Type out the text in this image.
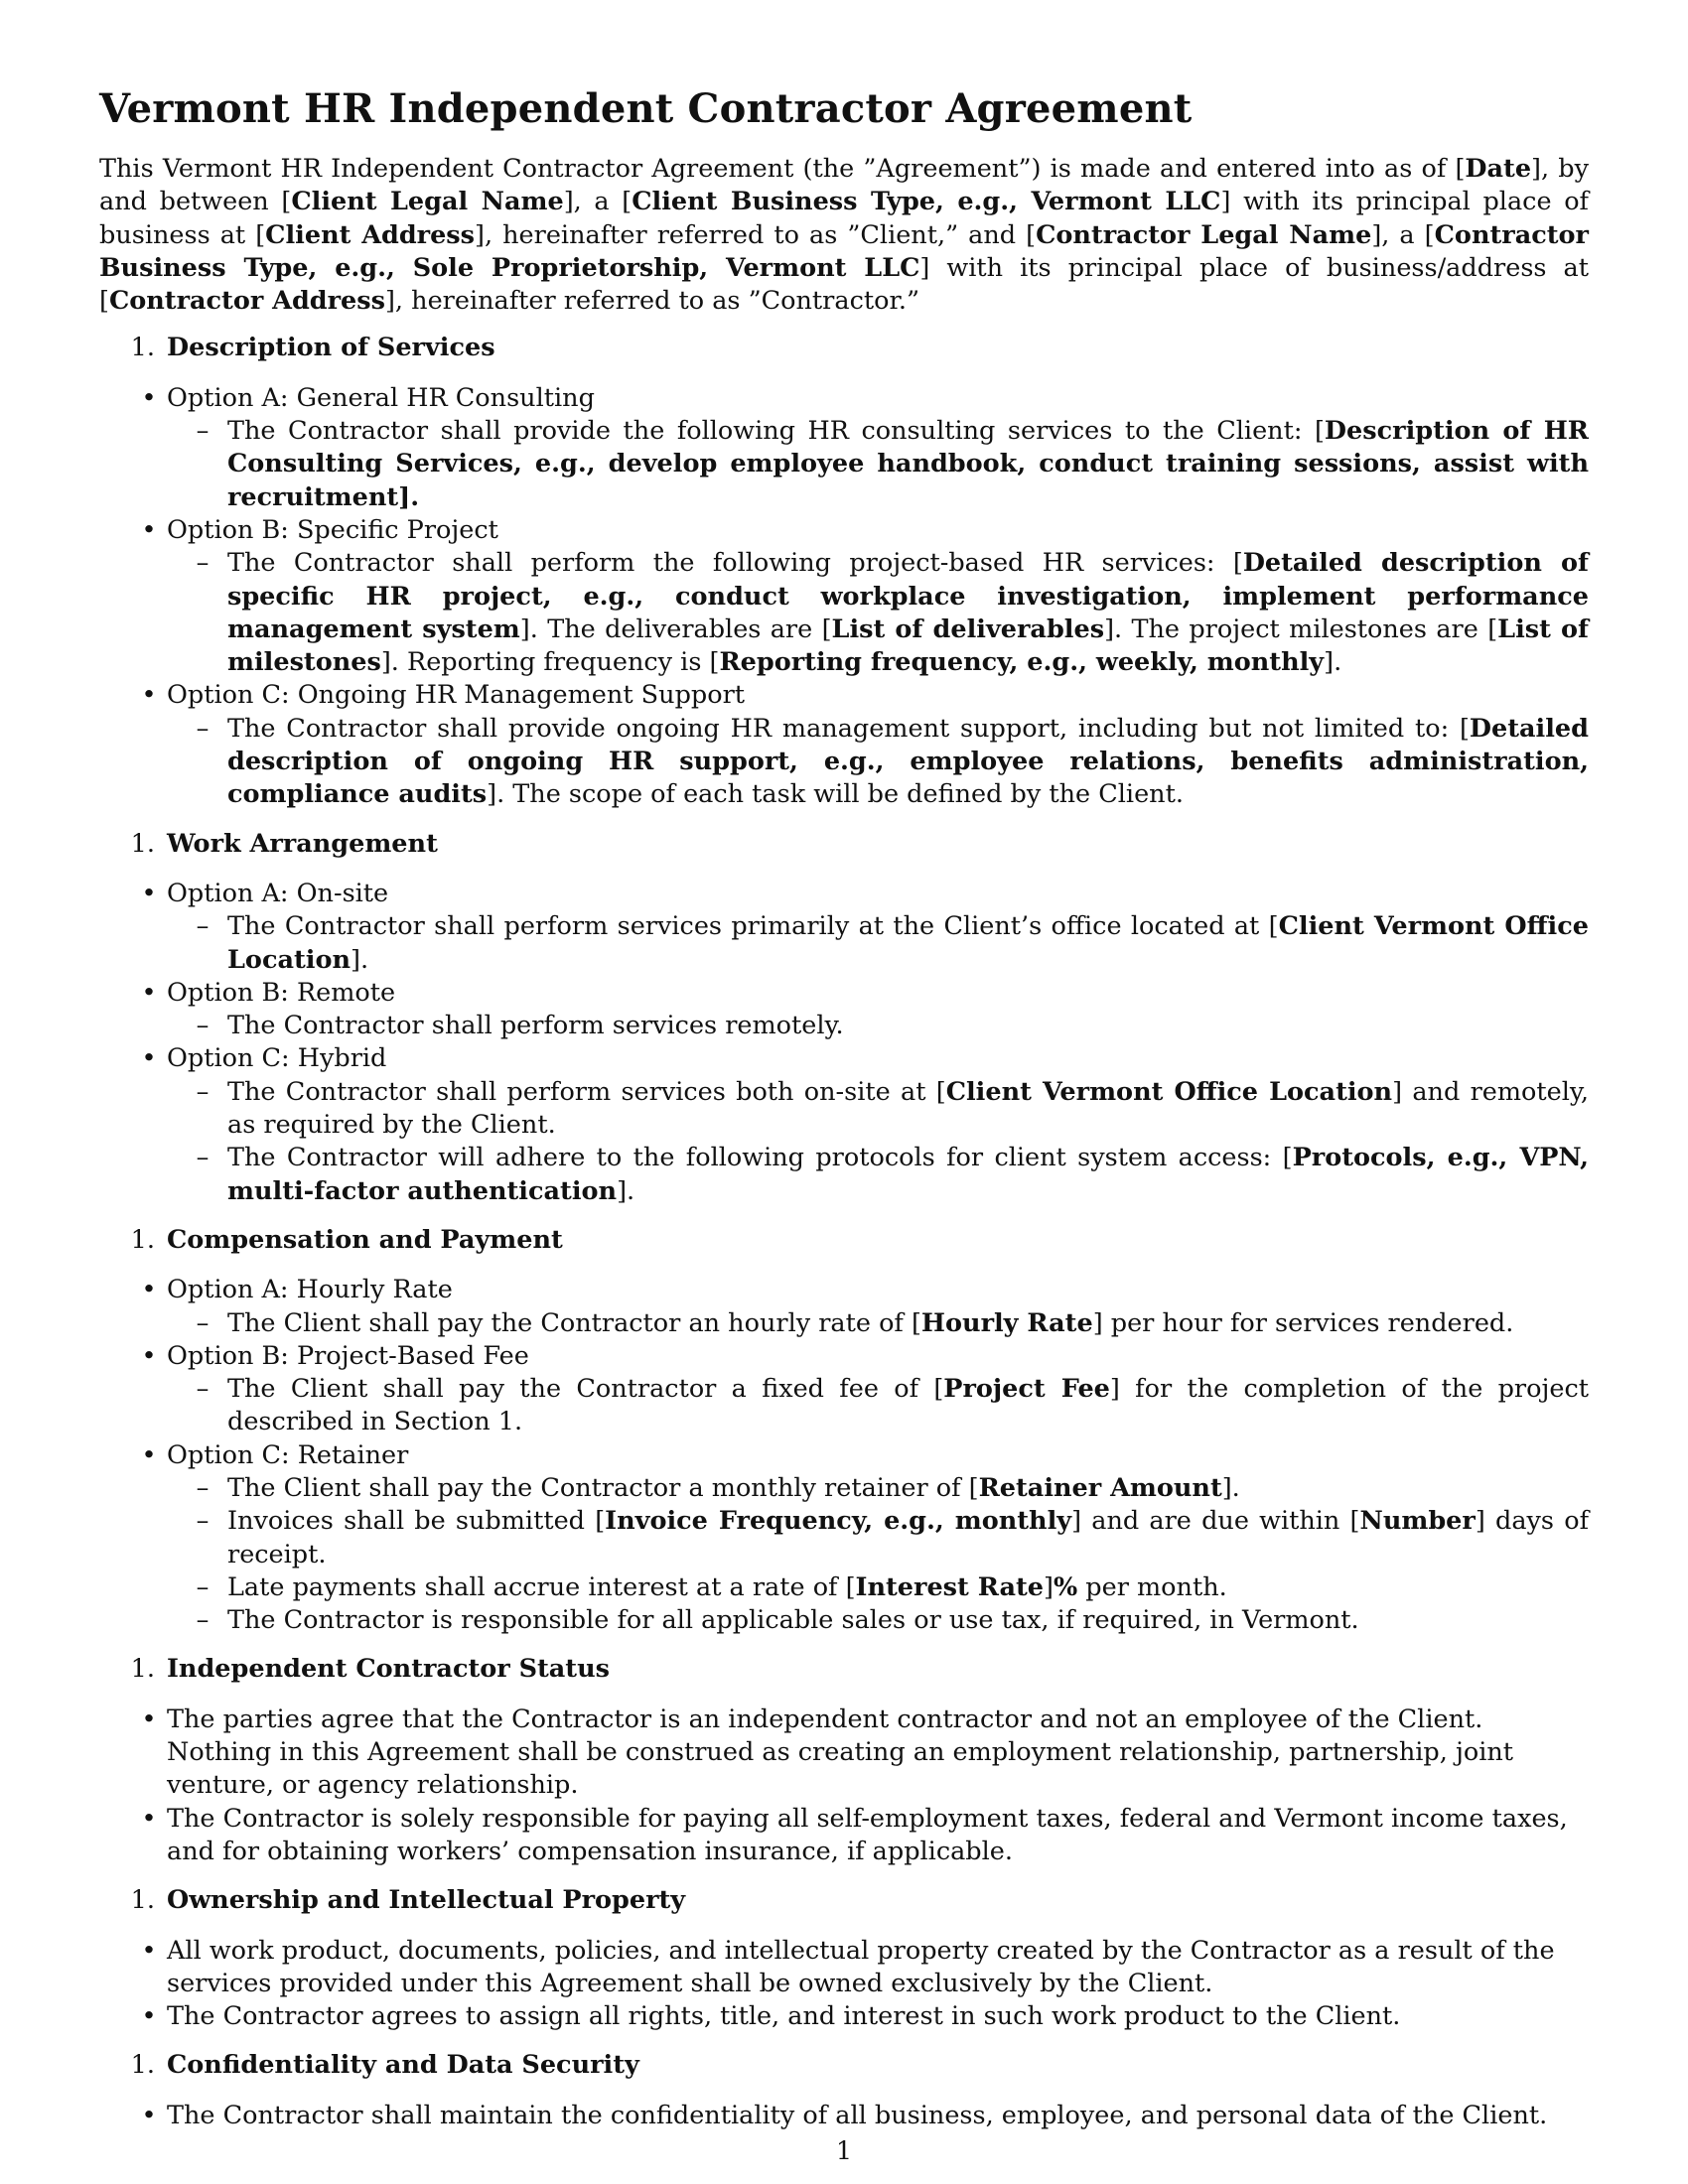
Vermont HR Independent Contractor Agreement

This Vermont HR Independent Contractor Agreement (the ”Agreement”) is made and entered into as of [Date], by and between [Client Legal Name], a [Client Business Type, e.g., Vermont LLC] with its principal place of business at [Client Address], hereinafter referred to as ”Client,” and [Contractor Legal Name], a [Contractor Business Type, e.g., Sole Proprietorship, Vermont LLC] with its principal place of business/address at [Contractor Address], hereinafter referred to as ”Contractor.”

1. Description of Services
• Option A: General HR Consulting
– The Contractor shall provide the following HR consulting services to the Client: [Description of HR Consulting Services, e.g., develop employee handbook, conduct training sessions, assist with recruitment].
• Option B: Specific Project
– The Contractor shall perform the following project-based HR services: [Detailed description of specific HR project, e.g., conduct workplace investigation, implement performance management system]. The deliverables are [List of deliverables]. The project milestones are [List of milestones]. Reporting frequency is [Reporting frequency, e.g., weekly, monthly].
• Option C: Ongoing HR Management Support
– The Contractor shall provide ongoing HR management support, including but not limited to: [Detailed description of ongoing HR support, e.g., employee relations, benefits administration, compliance audits]. The scope of each task will be defined by the Client.
1. Work Arrangement
• Option A: On-site
– The Contractor shall perform services primarily at the Client’s office located at [Client Vermont Office Location].
• Option B: Remote
– The Contractor shall perform services remotely.
• Option C: Hybrid
– The Contractor shall perform services both on-site at [Client Vermont Office Location] and remotely, as required by the Client.
– The Contractor will adhere to the following protocols for client system access: [Protocols, e.g., VPN, multi-factor authentication].
1. Compensation and Payment
• Option A: Hourly Rate
– The Client shall pay the Contractor an hourly rate of [Hourly Rate] per hour for services rendered.
• Option B: Project-Based Fee
– The Client shall pay the Contractor a fixed fee of [Project Fee] for the completion of the project described in Section 1.
• Option C: Retainer
– The Client shall pay the Contractor a monthly retainer of [Retainer Amount].
– Invoices shall be submitted [Invoice Frequency, e.g., monthly] and are due within [Number] days of receipt.
– Late payments shall accrue interest at a rate of [Interest Rate]% per month.
– The Contractor is responsible for all applicable sales or use tax, if required, in Vermont.
1. Independent Contractor Status
• The parties agree that the Contractor is an independent contractor and not an employee of the Client. Nothing in this Agreement shall be construed as creating an employment relationship, partnership, joint venture, or agency relationship.
• The Contractor is solely responsible for paying all self-employment taxes, federal and Vermont income taxes, and for obtaining workers’ compensation insurance, if applicable.
1. Ownership and Intellectual Property
• All work product, documents, policies, and intellectual property created by the Contractor as a result of the services provided under this Agreement shall be owned exclusively by the Client.
• The Contractor agrees to assign all rights, title, and interest in such work product to the Client.
1. Confidentiality and Data Security
• The Contractor shall maintain the confidentiality of all business, employee, and personal data of the Client.
1
